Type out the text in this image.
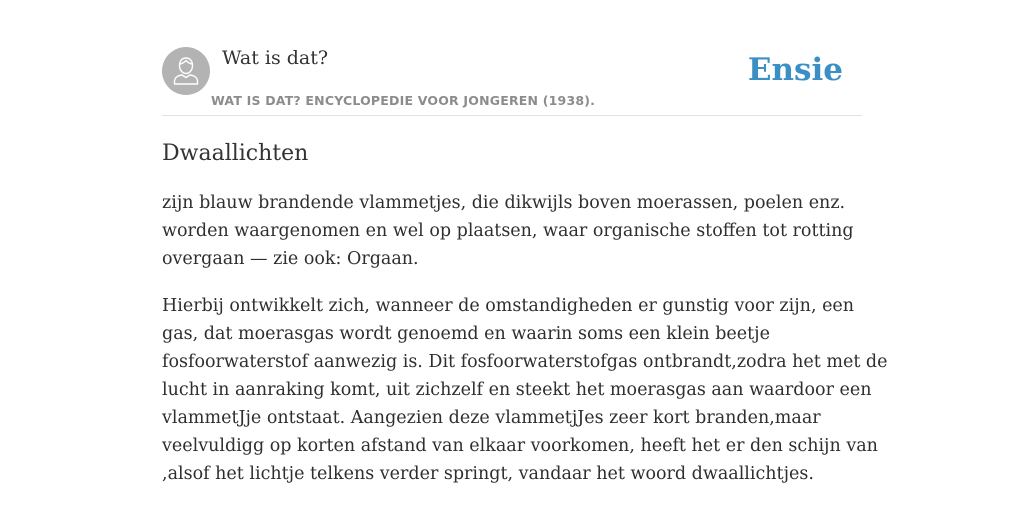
Wat is dat?
WAT IS DAT? ENCYCLOPEDIE VOOR JONGEREN (1938).
Ensie
Dwaallichten

zijn blauw brandende vlammetjes, die dikwijls boven moerassen, poelen enz.
worden waargenomen en wel op plaatsen, waar organische stoffen tot rotting
overgaan — zie ook: Orgaan.

Hierbij ontwikkelt zich, wanneer de omstandigheden er gunstig voor zijn, een
gas, dat moerasgas wordt genoemd en waarin soms een klein beetje
fosfoorwaterstof aanwezig is. Dit fosfoorwaterstofgas ontbrandt,zodra het met de
lucht in aanraking komt, uit zichzelf en steekt het moerasgas aan waardoor een
vlammetJje ontstaat. Aangezien deze vlammetjJes zeer kort branden,maar
veelvuldigg op korten afstand van elkaar voorkomen, heeft het er den schijn van
,alsof het lichtje telkens verder springt, vandaar het woord dwaallichtjes.
